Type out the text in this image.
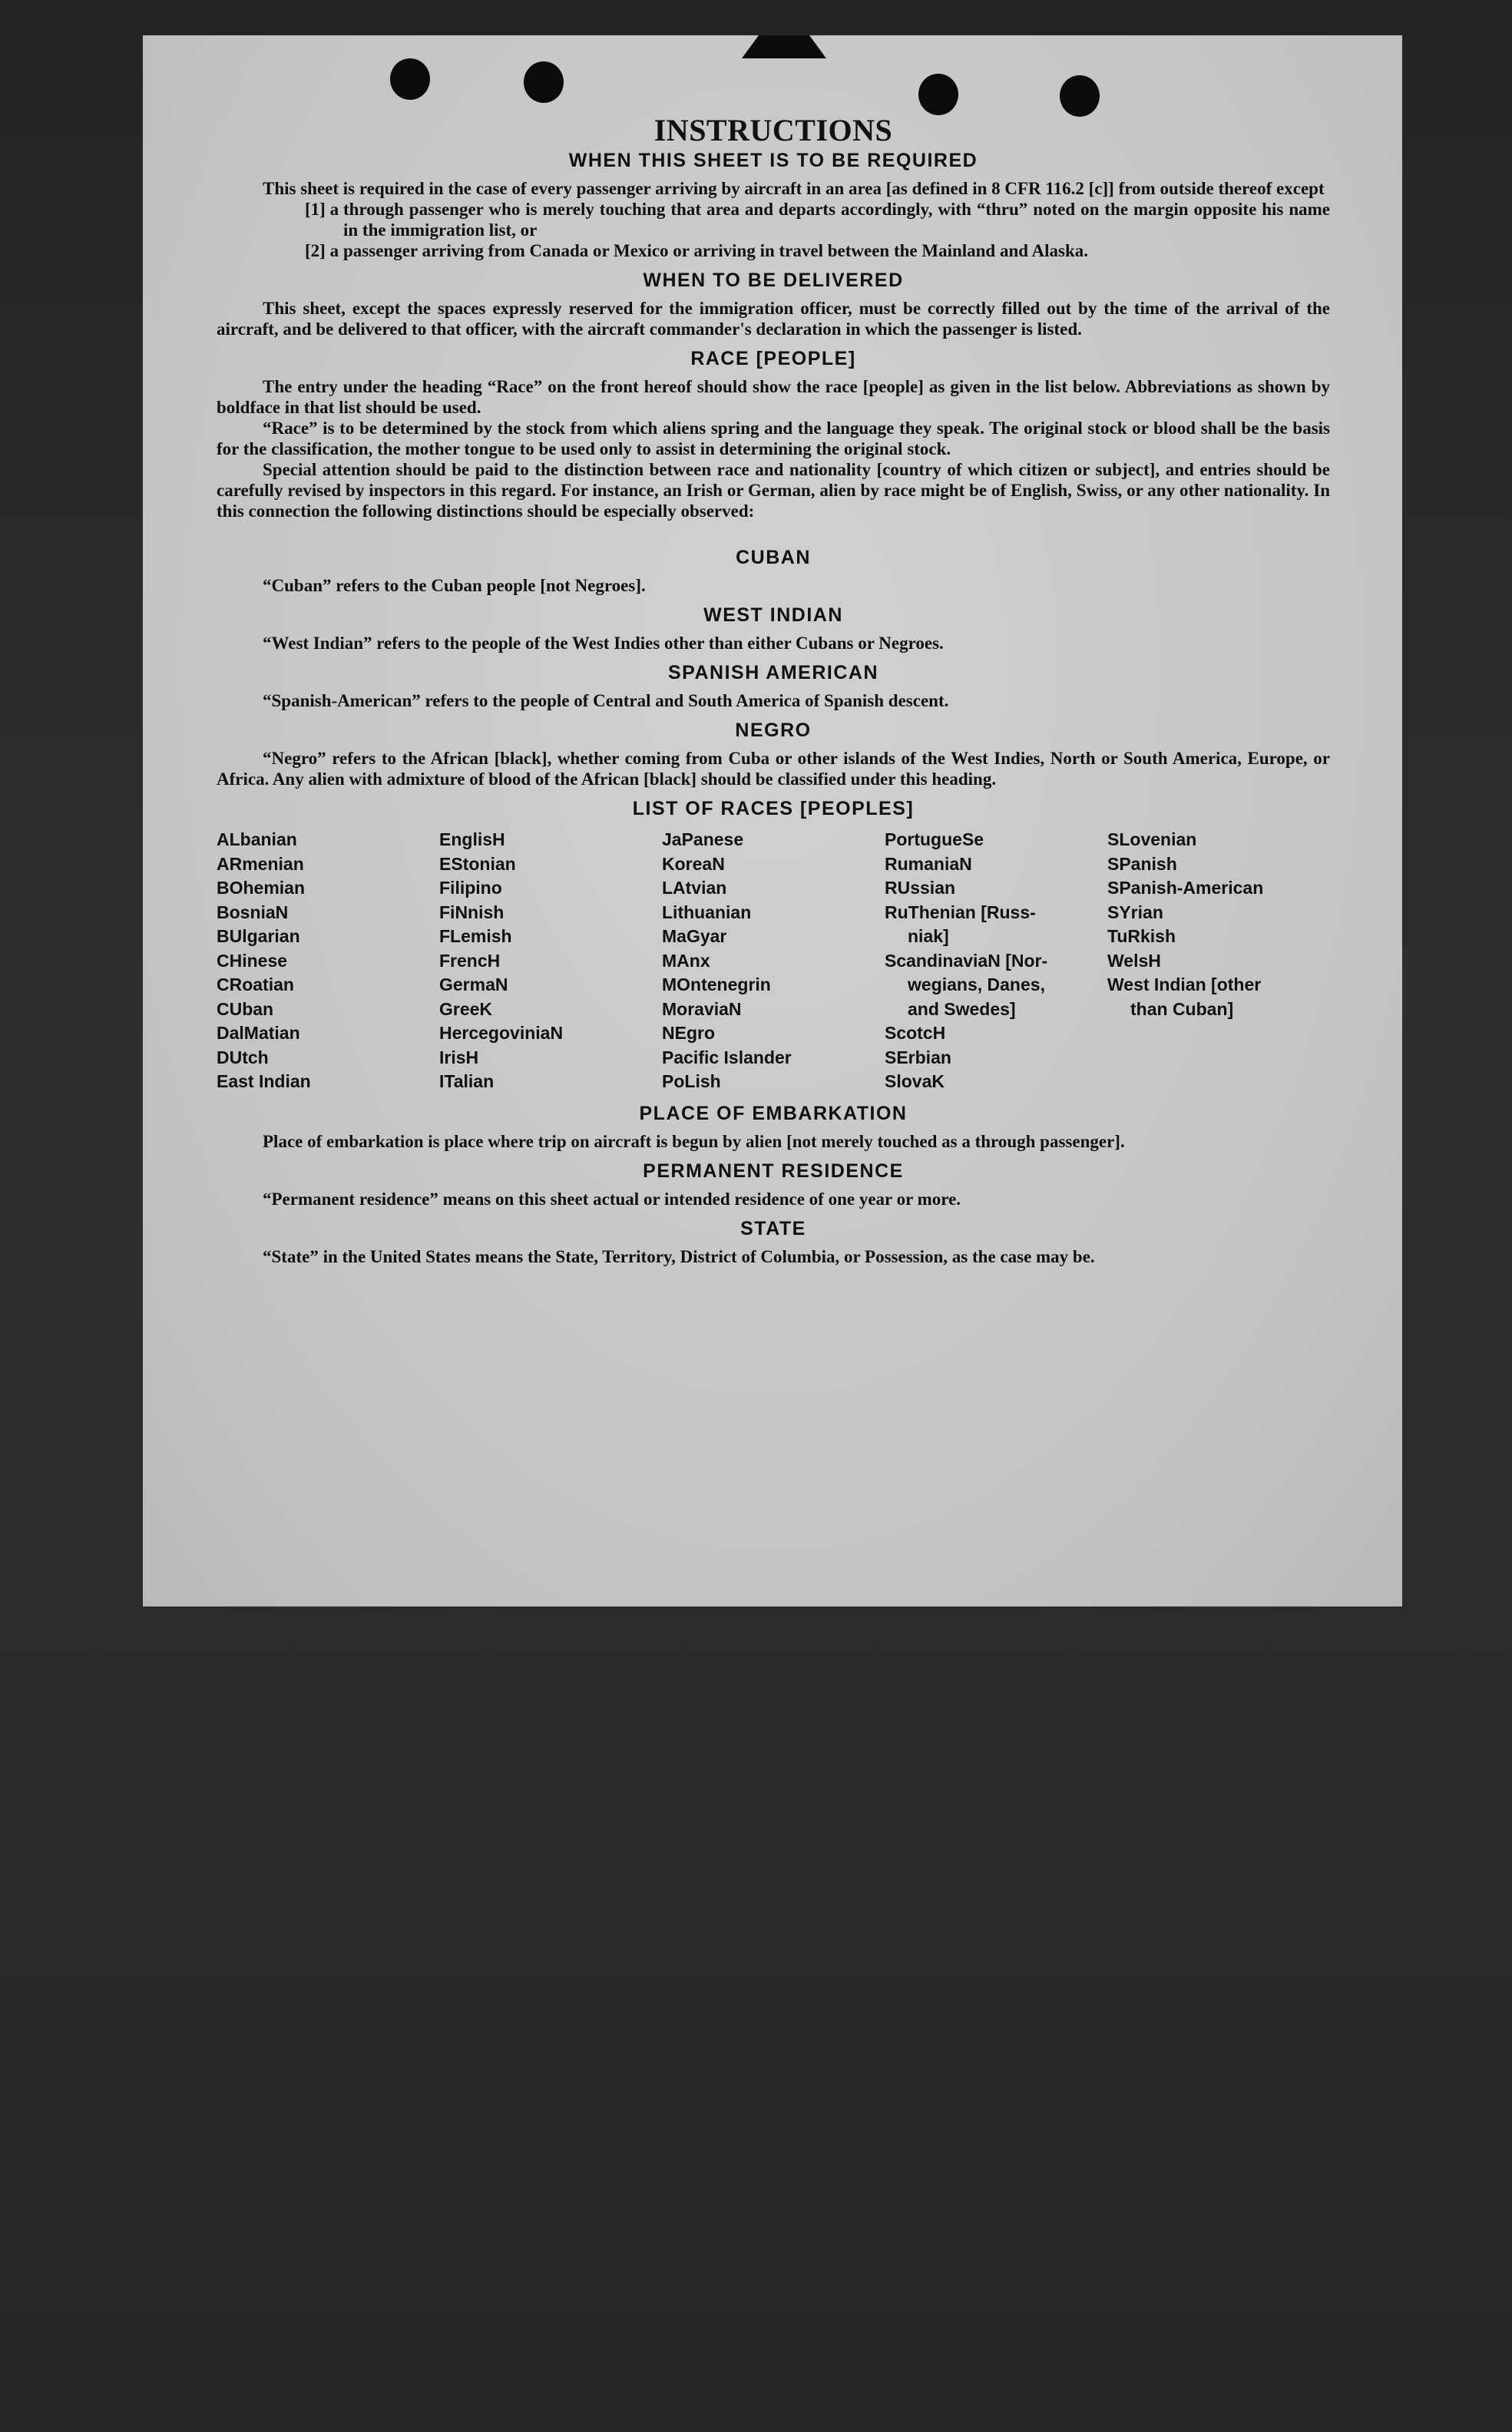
INSTRUCTIONS
WHEN THIS SHEET IS TO BE REQUIRED

This sheet is required in the case of every passenger arriving by aircraft in an area [as defined in 8 CFR 116.2 [c]] from outside thereof except

[1] a through passenger who is merely touching that area and departs accordingly, with “thru” noted on the margin opposite his name in the immigration list, or
[2] a passenger arriving from Canada or Mexico or arriving in travel between the Mainland and Alaska.
WHEN TO BE DELIVERED

This sheet, except the spaces expressly reserved for the immigration officer, must be correctly filled out by the time of the arrival of the aircraft, and be delivered to that officer, with the aircraft commander's declaration in which the passenger is listed.

RACE [PEOPLE]

The entry under the heading “Race” on the front hereof should show the race [people] as given in the list below. Abbreviations as shown by boldface in that list should be used.

“Race” is to be determined by the stock from which aliens spring and the language they speak. The original stock or blood shall be the basis for the classification, the mother tongue to be used only to assist in determining the original stock.

Special attention should be paid to the distinction between race and nationality [country of which citizen or subject], and entries should be carefully revised by inspectors in this regard. For instance, an Irish or German, alien by race might be of English, Swiss, or any other nationality. In this connection the following distinctions should be especially observed:

CUBAN

“Cuban” refers to the Cuban people [not Negroes].

WEST INDIAN

“West Indian” refers to the people of the West Indies other than either Cubans or Negroes.

SPANISH AMERICAN

“Spanish-American” refers to the people of Central and South America of Spanish descent.

NEGRO

“Negro” refers to the African [black], whether coming from Cuba or other islands of the West Indies, North or South America, Europe, or Africa. Any alien with admixture of blood of the African [black] should be classified under this heading.

LIST OF RACES [PEOPLES]
ALbanian
ARmenian
BOhemian
BosniaN
BUlgarian
CHinese
CRoatian
CUban
DalMatian
DUtch
East Indian
EnglisH
EStonian
Filipino
FiNnish
FLemish
FrencH
GermaN
GreeK
HercegoviniaN
IrisH
ITalian
JaPanese
KoreaN
LAtvian
Lithuanian
MaGyar
MAnx
MOntenegrin
MoraviaN
NEgro
Pacific Islander
PoLish
PortugueSe
RumaniaN
RUssian
RuThenian [Russ-
niak]
ScandinaviaN [Nor-
wegians, Danes,
and Swedes]
ScotcH
SErbian
SlovaK
SLovenian
SPanish
SPanish-American
SYrian
TuRkish
WelsH
West Indian [other
than Cuban]
PLACE OF EMBARKATION

Place of embarkation is place where trip on aircraft is begun by alien [not merely touched as a through passenger].

PERMANENT RESIDENCE

“Permanent residence” means on this sheet actual or intended residence of one year or more.

STATE

“State” in the United States means the State, Territory, District of Columbia, or Possession, as the case may be.
